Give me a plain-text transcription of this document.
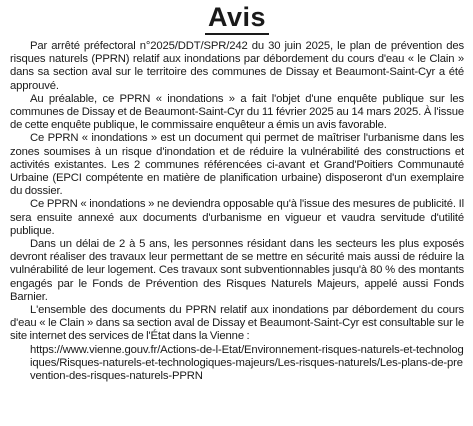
Avis

Par arrêté préfectoral n°2025/DDT/SPR/242 du 30 juin 2025, le plan de prévention des risques naturels (PPRN) relatif aux inondations par débordement du cours d'eau « le Clain » dans sa section aval sur le territoire des communes de Dissay et Beaumont-Saint-Cyr a été approuvé.

Au préalable, ce PPRN « inondations » a fait l'objet d'une enquête publique sur les communes de Dissay et de Beaumont-Saint-Cyr du 11 février 2025 au 14 mars 2025. À l'issue de cette enquête publique, le commissaire enquêteur a émis un avis favorable.

Ce PPRN « inondations » est un document qui permet de maîtriser l'urbanisme dans les zones soumises à un risque d'inondation et de réduire la vulnérabilité des constructions et activités existantes. Les 2 communes référencées ci-avant et Grand'Poitiers Communauté Urbaine (EPCI compétente en matière de planification urbaine) disposeront d'un exemplaire du dossier.

Ce PPRN « inondations » ne deviendra opposable qu'à l'issue des mesures de publicité. Il sera ensuite annexé aux documents d'urbanisme en vigueur et vaudra servitude d'utilité publique.

Dans un délai de 2 à 5 ans, les personnes résidant dans les secteurs les plus exposés devront réaliser des travaux leur permettant de se mettre en sécurité mais aussi de réduire la vulnérabilité de leur logement. Ces travaux sont subventionnables jusqu'à 80 % des montants engagés par le Fonds de Prévention des Risques Naturels Majeurs, appelé aussi Fonds Barnier.

L'ensemble des documents du PPRN relatif aux inondations par débordement du cours d'eau « le Clain » dans sa section aval de Dissay et Beaumont-Saint-Cyr est consultable sur le site internet des services de l'État dans la Vienne :

https://www.vienne.gouv.fr/Actions-de-l-Etat/Environnement-risques-naturels-et-technologiques/Risques-naturels-et-technologiques-majeurs/Les-risques-naturels/Les-plans-de-prevention-des-risques-naturels-PPRN
